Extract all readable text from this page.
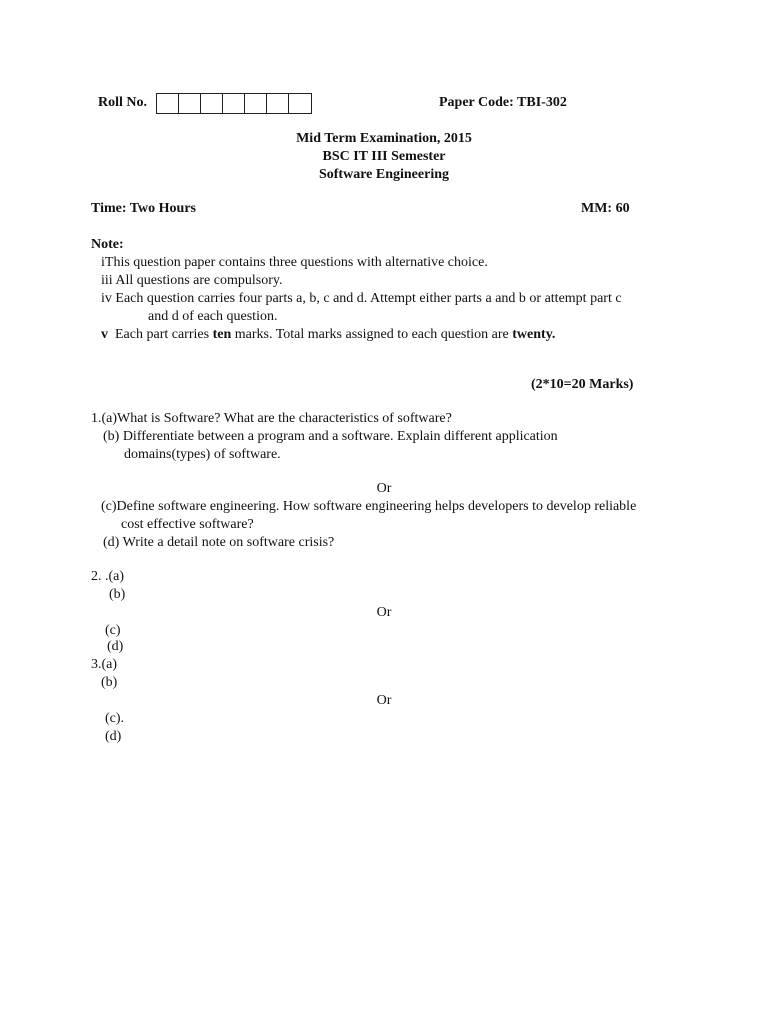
Roll No.	Paper Code: TBI-302
Mid Term Examination, 2015
BSC IT III Semester
Software Engineering
Time: Two Hours	MM: 60
Note:
iThis question paper contains three questions with alternative choice.
iii All questions are compulsory.
iv Each question carries four parts a, b, c and d. Attempt either parts a and b or attempt part c
and d of each question.
v Each part carries ten marks. Total marks assigned to each question are twenty.
(2*10=20 Marks)
1.(a)What is Software? What are the characteristics of software?
(b) Differentiate between a program and a software. Explain different application
domains(types) of software.
Or
(c)Define software engineering. How software engineering helps developers to develop reliable
cost effective software?
(d) Write a detail note on software crisis?
2. .(a)
(b)
Or
(c)
(d)
3.(a)
(b)
Or
(c).
(d)
